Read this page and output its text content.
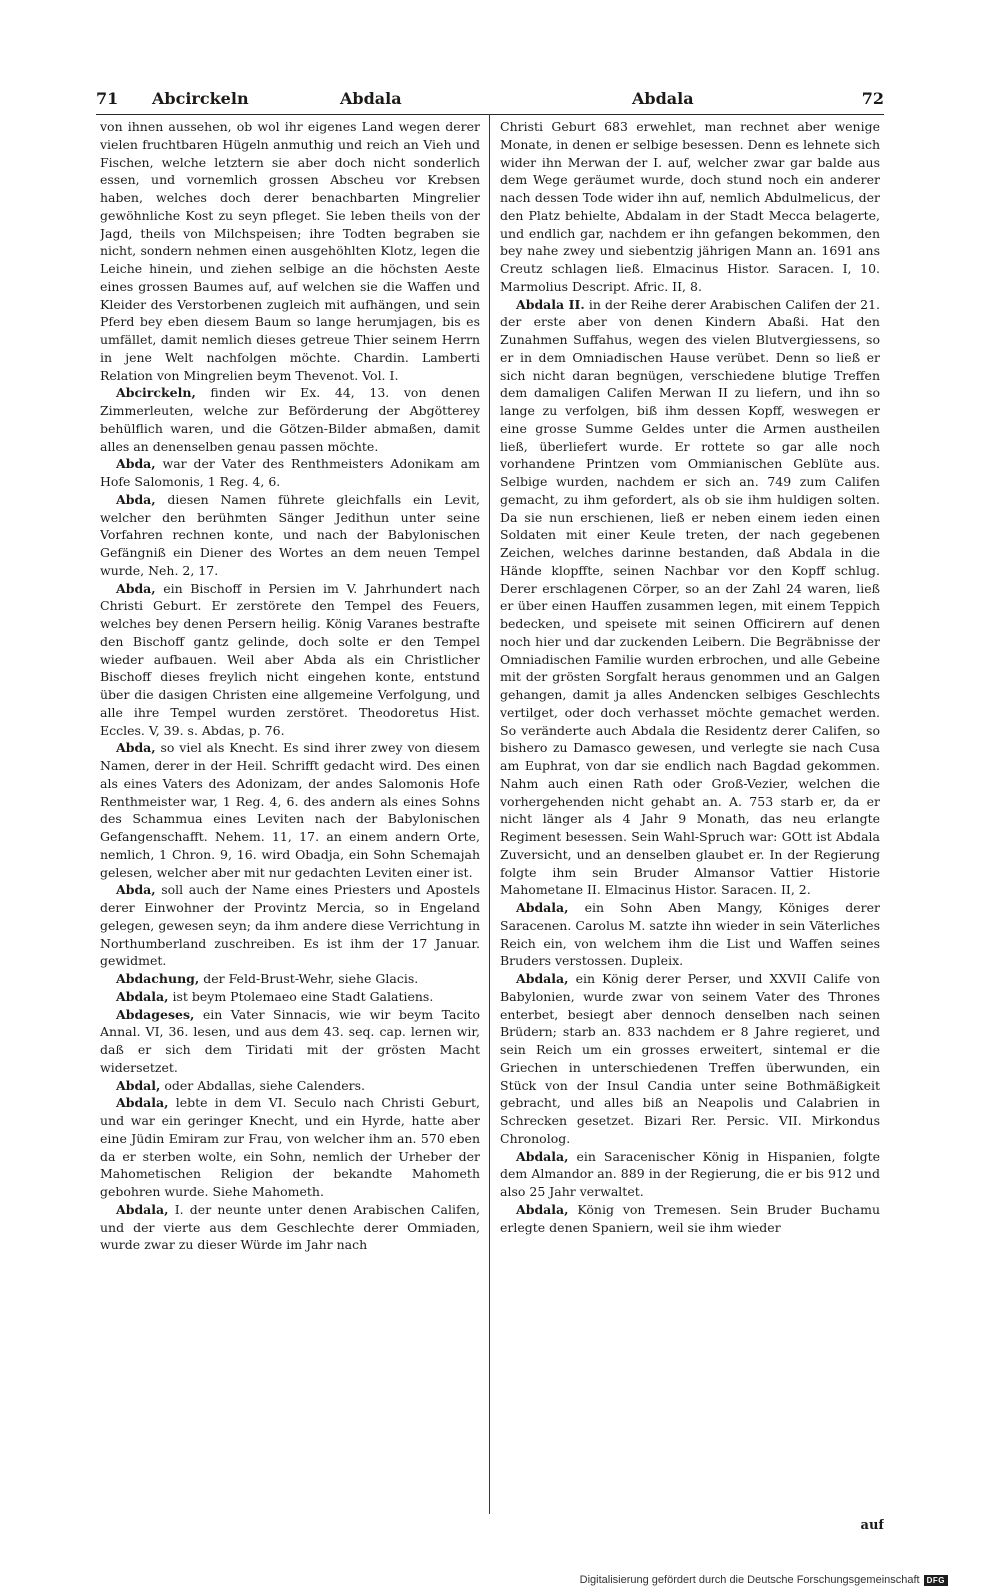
71 Abcirckeln	Abdala	Abdala	72

von ihnen aussehen, ob wol ihr eigenes Land wegen derer vielen fruchtbaren Hügeln anmuthig und reich an Vieh und Fischen, welche letztern sie aber doch nicht sonderlich essen, und vornemlich grossen Abscheu vor Krebsen haben, welches doch derer benachbarten Mingrelier gewöhnliche Kost zu seyn pfleget. Sie leben theils von der Jagd, theils von Milchspeisen; ihre Todten begraben sie nicht, sondern nehmen einen ausgehöhlten Klotz, legen die Leiche hinein, und ziehen selbige an die höchsten Aeste eines grossen Baumes auf, auf welchen sie die Waffen und Kleider des Verstorbenen zugleich mit aufhängen, und sein Pferd bey eben diesem Baum so lange herumjagen, bis es umfället, damit nemlich dieses getreue Thier seinem Herrn in jene Welt nachfolgen möchte. Chardin. Lamberti Relation von Mingrelien beym Thevenot. Vol. I.

Abcirckeln, finden wir Ex. 44, 13. von denen Zimmerleuten, welche zur Beförderung der Abgötterey behülflich waren, und die Götzen-Bilder abmaßen, damit alles an denenselben genau passen möchte.

Abda, war der Vater des Renthmeisters Adonikam am Hofe Salomonis, 1 Reg. 4, 6.

Abda, diesen Namen führete gleichfalls ein Levit, welcher den berühmten Sänger Jedithun unter seine Vorfahren rechnen konte, und nach der Babylonischen Gefängniß ein Diener des Wortes an dem neuen Tempel wurde, Neh. 2, 17.

Abda, ein Bischoff in Persien im V. Jahrhundert nach Christi Geburt. Er zerstörete den Tempel des Feuers, welches bey denen Persern heilig. König Varanes bestrafte den Bischoff gantz gelinde, doch solte er den Tempel wieder aufbauen. Weil aber Abda als ein Christlicher Bischoff dieses freylich nicht eingehen konte, entstund über die dasigen Christen eine allgemeine Verfolgung, und alle ihre Tempel wurden zerstöret. Theodoretus Hist. Eccles. V, 39. s. Abdas, p. 76.

Abda, so viel als Knecht. Es sind ihrer zwey von diesem Namen, derer in der Heil. Schrifft gedacht wird. Des einen als eines Vaters des Adonizam, der andes Salomonis Hofe Renthmeister war, 1 Reg. 4, 6. des andern als eines Sohns des Schammua eines Leviten nach der Babylonischen Gefangenschafft. Nehem. 11, 17. an einem andern Orte, nemlich, 1 Chron. 9, 16. wird Obadja, ein Sohn Schemajah gelesen, welcher aber mit nur gedachten Leviten einer ist.

Abda, soll auch der Name eines Priesters und Apostels derer Einwohner der Provintz Mercia, so in Engeland gelegen, gewesen seyn; da ihm andere diese Verrichtung in Northumberland zuschreiben. Es ist ihm der 17 Januar. gewidmet.

Abdachung, der Feld-Brust-Wehr, siehe Glacis.

Abdala, ist beym Ptolemaeo eine Stadt Galatiens.

Abdageses, ein Vater Sinnacis, wie wir beym Tacito Annal. VI, 36. lesen, und aus dem 43. seq. cap. lernen wir, daß er sich dem Tiridati mit der grösten Macht widersetzet.

Abdal, oder Abdallas, siehe Calenders.

Abdala, lebte in dem VI. Seculo nach Christi Geburt, und war ein geringer Knecht, und ein Hyrde, hatte aber eine Jüdin Emiram zur Frau, von welcher ihm an. 570 eben da er sterben wolte, ein Sohn, nemlich der Urheber der Mahometischen Religion der bekandte Mahometh gebohren wurde. Siehe Mahometh.

Abdala, I. der neunte unter denen Arabischen Califen, und der vierte aus dem Geschlechte derer Ommiaden, wurde zwar zu dieser Würde im Jahr nach

Christi Geburt 683 erwehlet, man rechnet aber wenige Monate, in denen er selbige besessen. Denn es lehnete sich wider ihn Merwan der I. auf, welcher zwar gar balde aus dem Wege geräumet wurde, doch stund noch ein anderer nach dessen Tode wider ihn auf, nemlich Abdulmelicus, der den Platz behielte, Abdalam in der Stadt Mecca belagerte, und endlich gar, nachdem er ihn gefangen bekommen, den bey nahe zwey und siebentzig jährigen Mann an. 1691 ans Creutz schlagen ließ. Elmacinus Histor. Saracen. I, 10. Marmolius Descript. Afric. II, 8.

Abdala II. in der Reihe derer Arabischen Califen der 21. der erste aber von denen Kindern Abaßi. Hat den Zunahmen Suffahus, wegen des vielen Blutvergiessens, so er in dem Omniadischen Hause verübet. Denn so ließ er sich nicht daran begnügen, verschiedene blutige Treffen dem damaligen Califen Merwan II zu liefern, und ihn so lange zu verfolgen, biß ihm dessen Kopff, weswegen er eine grosse Summe Geldes unter die Armen austheilen ließ, überliefert wurde. Er rottete so gar alle noch vorhandene Printzen vom Ommianischen Geblüte aus. Selbige wurden, nachdem er sich an. 749 zum Califen gemacht, zu ihm gefordert, als ob sie ihm huldigen solten. Da sie nun erschienen, ließ er neben einem ieden einen Soldaten mit einer Keule treten, der nach gegebenen Zeichen, welches darinne bestanden, daß Abdala in die Hände klopffte, seinen Nachbar vor den Kopff schlug. Derer erschlagenen Cörper, so an der Zahl 24 waren, ließ er über einen Hauffen zusammen legen, mit einem Teppich bedecken, und speisete mit seinen Officirern auf denen noch hier und dar zuckenden Leibern. Die Begräbnisse der Omniadischen Familie wurden erbrochen, und alle Gebeine mit der grösten Sorgfalt heraus genommen und an Galgen gehangen, damit ja alles Andencken selbiges Geschlechts vertilget, oder doch verhasset möchte gemachet werden. So veränderte auch Abdala die Residentz derer Califen, so bishero zu Damasco gewesen, und verlegte sie nach Cusa am Euphrat, von dar sie endlich nach Bagdad gekommen. Nahm auch einen Rath oder Groß-Vezier, welchen die vorhergehenden nicht gehabt an. A. 753 starb er, da er nicht länger als 4 Jahr 9 Monath, das neu erlangte Regiment besessen. Sein Wahl-Spruch war: GOtt ist Abdala Zuversicht, und an denselben glaubet er. In der Regierung folgte ihm sein Bruder Almansor Vattier Historie Mahometane II. Elmacinus Histor. Saracen. II, 2.

Abdala, ein Sohn Aben Mangy, Königes derer Saracenen. Carolus M. satzte ihn wieder in sein Väterliches Reich ein, von welchem ihm die List und Waffen seines Bruders verstossen. Dupleix.

Abdala, ein König derer Perser, und XXVII Calife von Babylonien, wurde zwar von seinem Vater des Thrones enterbet, besiegt aber dennoch denselben nach seinen Brüdern; starb an. 833 nachdem er 8 Jahre regieret, und sein Reich um ein grosses erweitert, sintemal er die Griechen in unterschiedenen Treffen überwunden, ein Stück von der Insul Candia unter seine Bothmäßigkeit gebracht, und alles biß an Neapolis und Calabrien in Schrecken gesetzet. Bizari Rer. Persic. VII. Mirkondus Chronolog.

Abdala, ein Saracenischer König in Hispanien, folgte dem Almandor an. 889 in der Regierung, die er bis 912 und also 25 Jahr verwaltet.

Abdala, König von Tremesen. Sein Bruder Buchamu erlegte denen Spaniern, weil sie ihm wieder

auf
Digitalisierung gefördert durch die Deutsche Forschungsgemeinschaft DFG
